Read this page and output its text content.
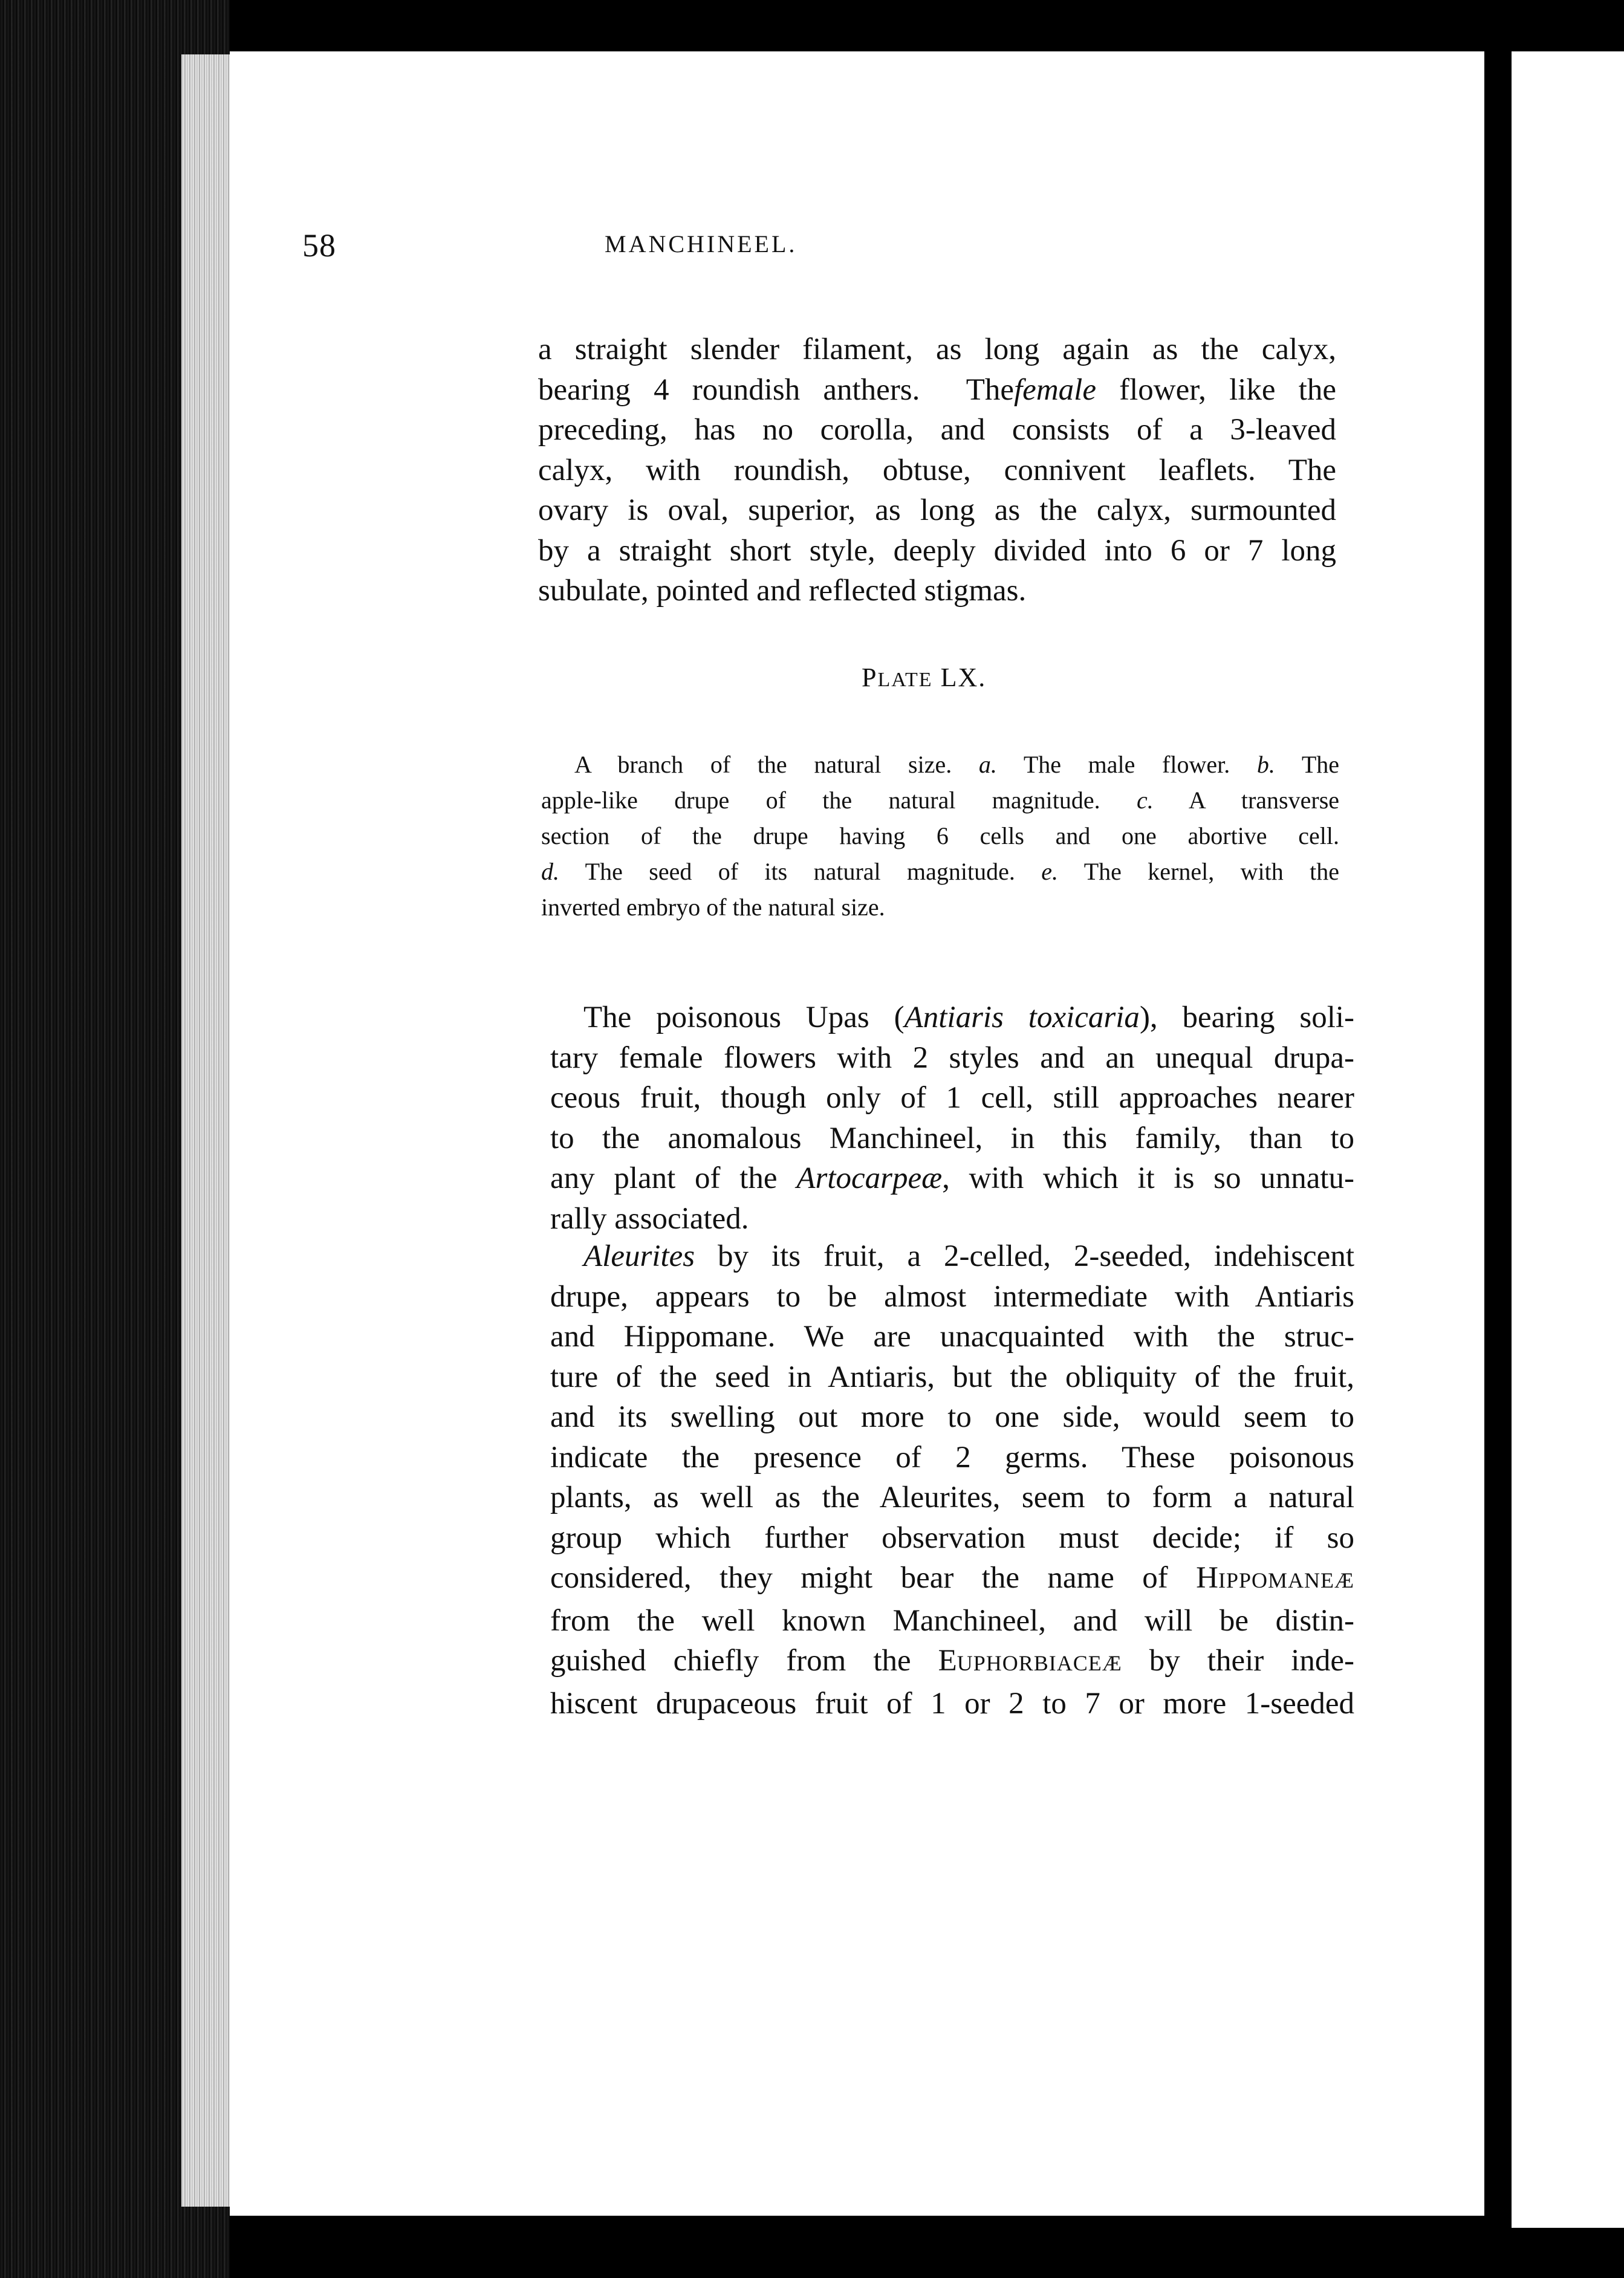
58	MANCHINEEL.
a straight slender filament, as long again as the calyx,
bearing 4 roundish anthers. Thefemale flower, like the
preceding, has no corolla, and consists of a 3-leaved
calyx, with roundish, obtuse, connivent leaflets. The
ovary is oval, superior, as long as the calyx, surmounted
by a straight short style, deeply divided into 6 or 7 long
subulate, pointed and reflected stigmas.
PLATE LX.
A branch of the natural size. a. The male flower. b. The
apple-like drupe of the natural magnitude. c. A transverse
section of the drupe having 6 cells and one abortive cell.
d. The seed of its natural magnitude. e. The kernel, with the
inverted embryo of the natural size.
The poisonous Upas (Antiaris toxicaria), bearing soli-
tary female flowers with 2 styles and an unequal drupa-
ceous fruit, though only of 1 cell, still approaches nearer
to the anomalous Manchineel, in this family, than to
any plant of the Artocarpeæ, with which it is so unnatu-
rally associated.
Aleurites by its fruit, a 2-celled, 2-seeded, indehiscent
drupe, appears to be almost intermediate with Antiaris
and Hippomane. We are unacquainted with the struc-
ture of the seed in Antiaris, but the obliquity of the fruit,
and its swelling out more to one side, would seem to
indicate the presence of 2 germs. These poisonous
plants, as well as the Aleurites, seem to form a natural
group which further observation must decide; if so
considered, they might bear the name of HIPPOMANEÆ
from the well known Manchineel, and will be distin-
guished chiefly from the EUPHORBIACEÆ by their inde-
hiscent drupaceous fruit of 1 or 2 to 7 or more 1-seeded
